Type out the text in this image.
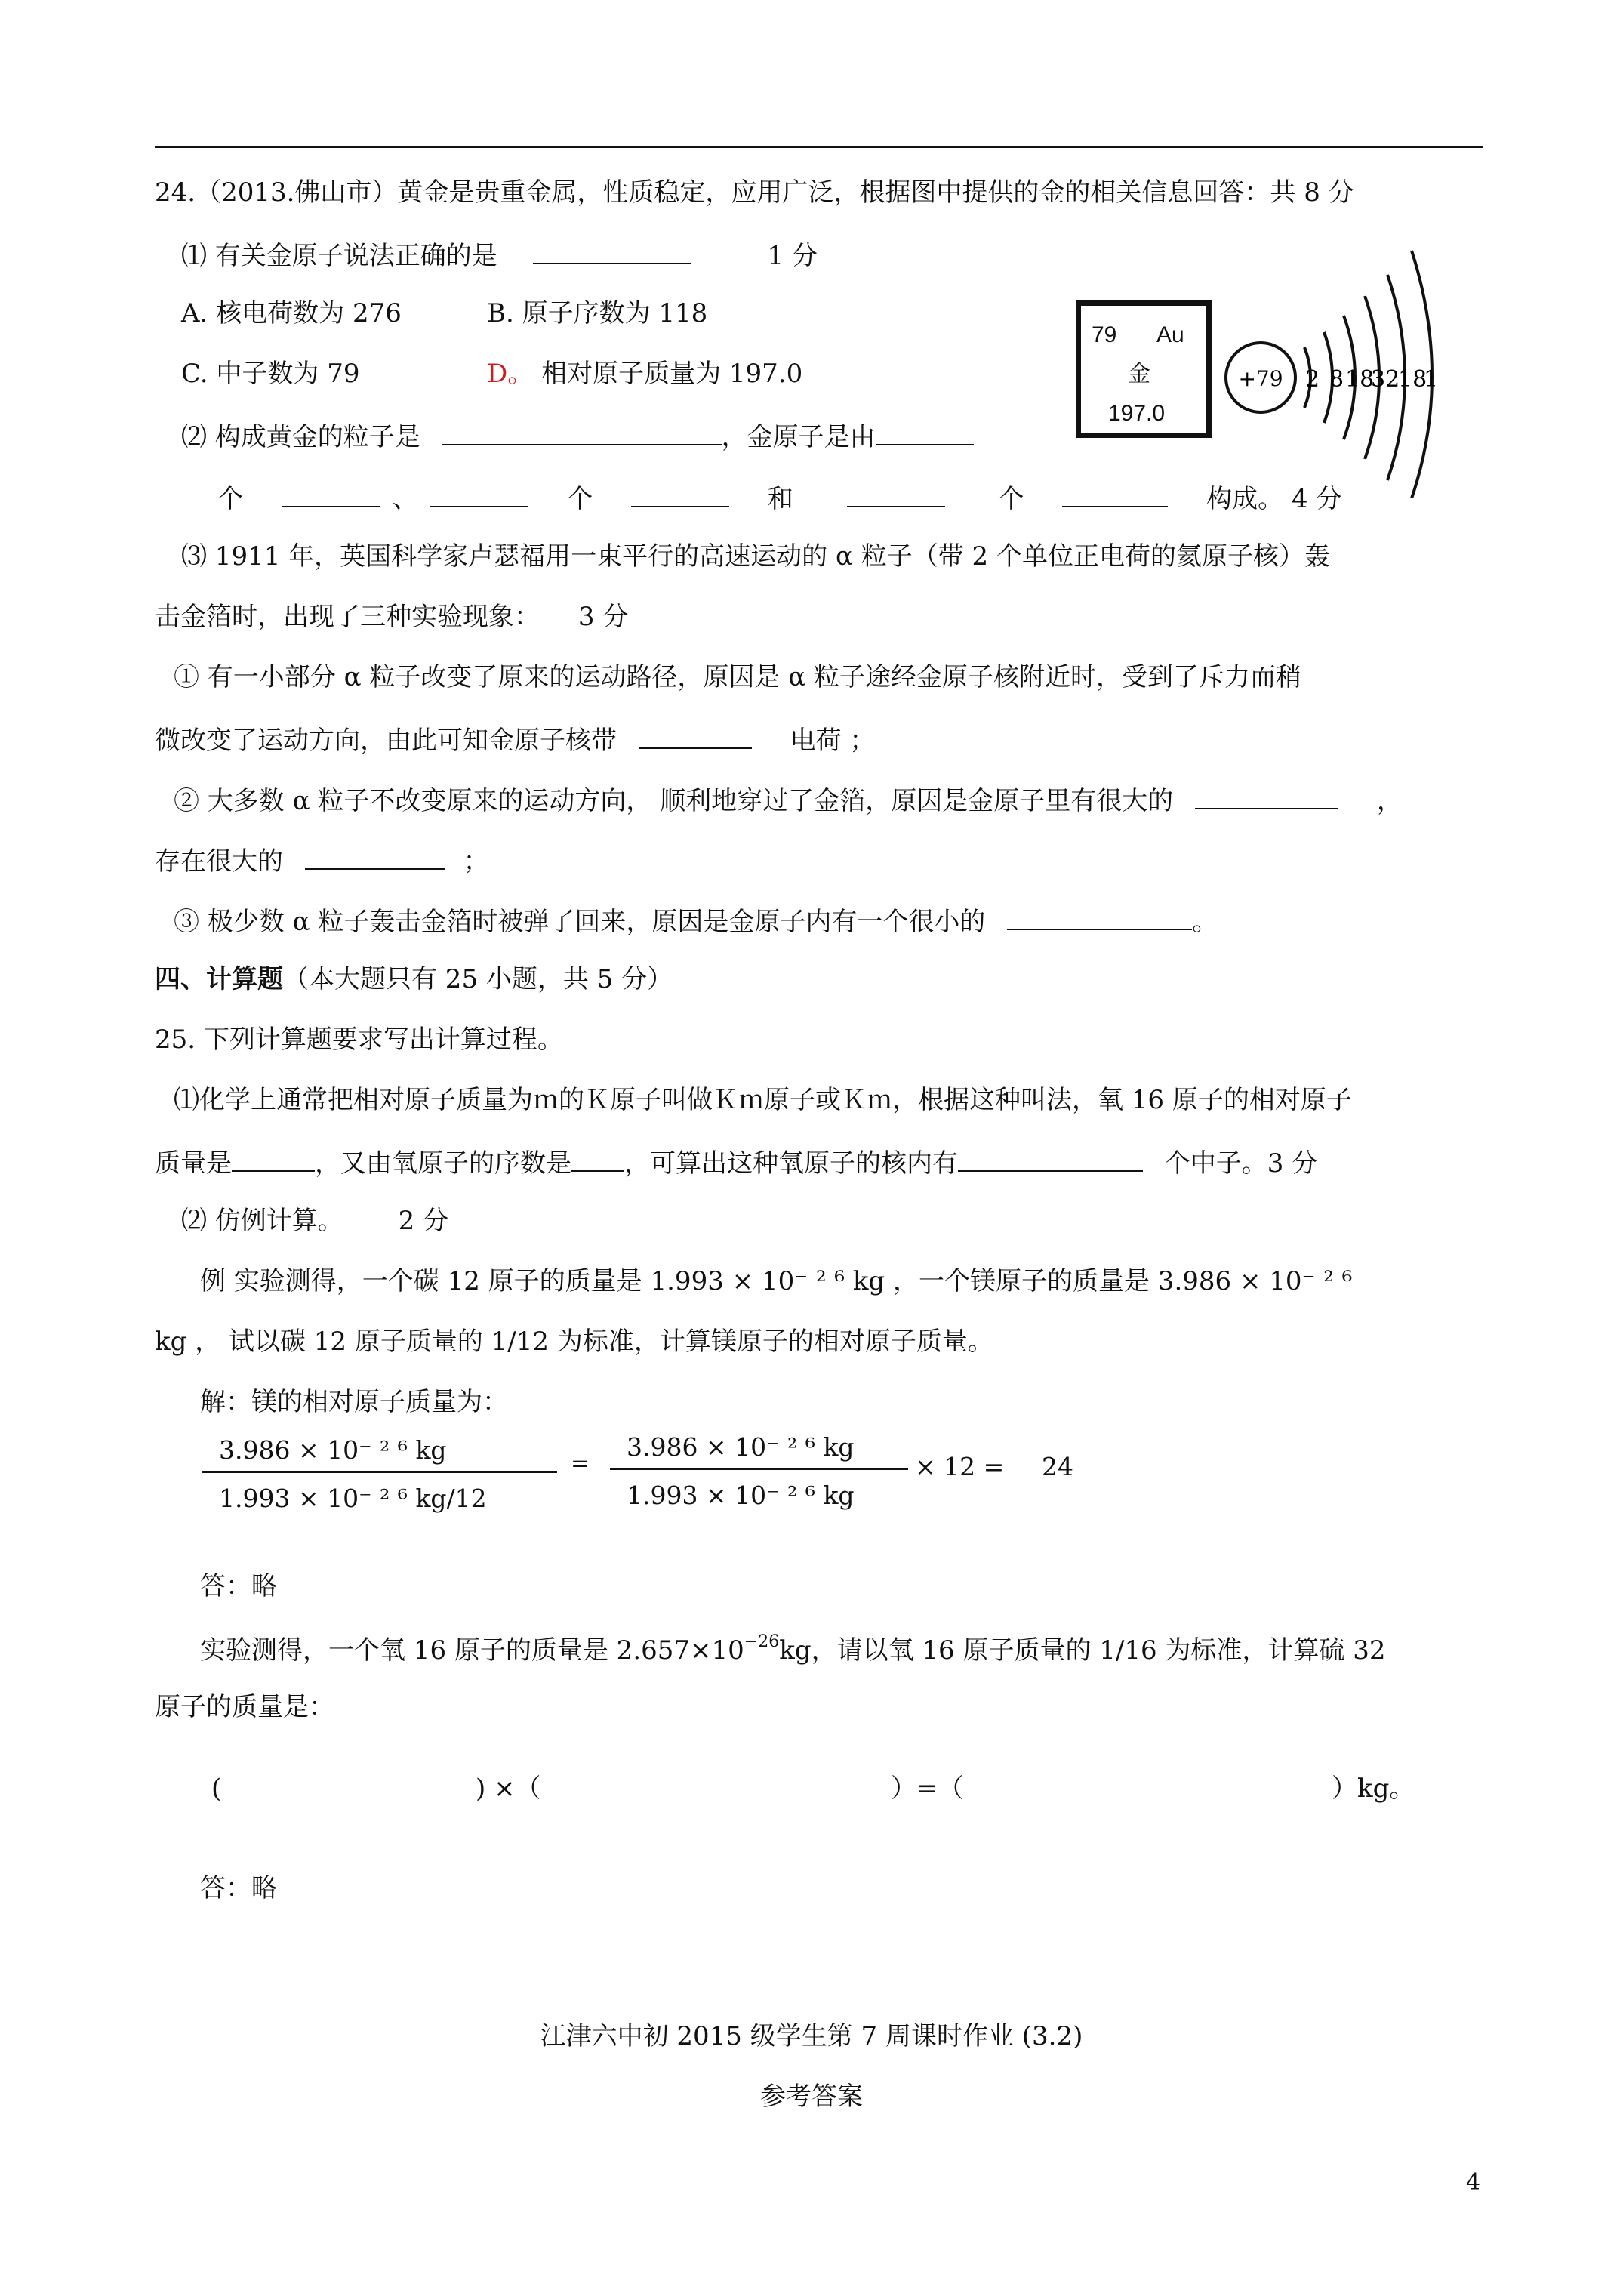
24.（2013.佛山市）黄金是贵重金属，性质稳定，应用广泛，根据图中提供的金的相关信息回答：共 8 分
⑴ 有关金原子说法正确的是	1 分
A. 核电荷数为 276	B. 原子序数为 118
C. 中子数为 79	D。 相对原子质量为 197.0
⑵ 构成黄金的粒子是	，金原子是由
个	、	个	和	个	构成。 4 分
79 Au
金
197.0
+79 2 8 18
32
18
1
⑶ 1911 年，英国科学家卢瑟福用一束平行的高速运动的 α 粒子（带 2 个单位正电荷的氦原子核）轰
击金箔时，出现了三种实验现象： 3 分
① 有一小部分 α 粒子改变了原来的运动路径，原因是 α 粒子途经金原子核附近时，受到了斥力而稍
微改变了运动方向，由此可知金原子核带	电荷 ；
② 大多数 α 粒子不改变原来的运动方向， 顺利地穿过了金箔，原因是金原子里有很大的	，
存在很大的	；
③ 极少数 α 粒子轰击金箔时被弹了回来，原因是金原子内有一个很小的	。
四、计算题（本大题只有 25 小题，共 5 分）
25. 下列计算题要求写出计算过程。
⑴化学上通常把相对原子质量为ｍ的Ｋ原子叫做Ｋｍ原子或Ｋｍ，根据这种叫法，氧 16 原子的相对原子
质量是	，又由氧原子的序数是 ，可算出这种氧原子的核内有	个中子。3 分
⑵ 仿例计算。 2 分
例 实验测得，一个碳 12 原子的质量是 1.993 × 10⁻ ² ⁶ kg ，一个镁原子的质量是 3.986 × 10⁻ ² ⁶
kg ， 试以碳 12 原子质量的 1/12 为标准，计算镁原子的相对原子质量。
解：镁的相对原子质量为：
3.986 × 10⁻ ² ⁶ kg
1.993 × 10⁻ ² ⁶ kg/12
=
3.986 × 10⁻ ² ⁶ kg
1.993 × 10⁻ ² ⁶ kg
× 12 = 24
答：略
实验测得，一个氧 16 原子的质量是 $2.657\times 10^{-26}kg$，请以氧 16 原子质量的 1/16 为标准，计算硫 32
原子的质量是：
(	) ×（	）=（	）kg。
答：略
江津六中初 2015 级学生第 7 周课时作业 (3.2)
参考答案
4
